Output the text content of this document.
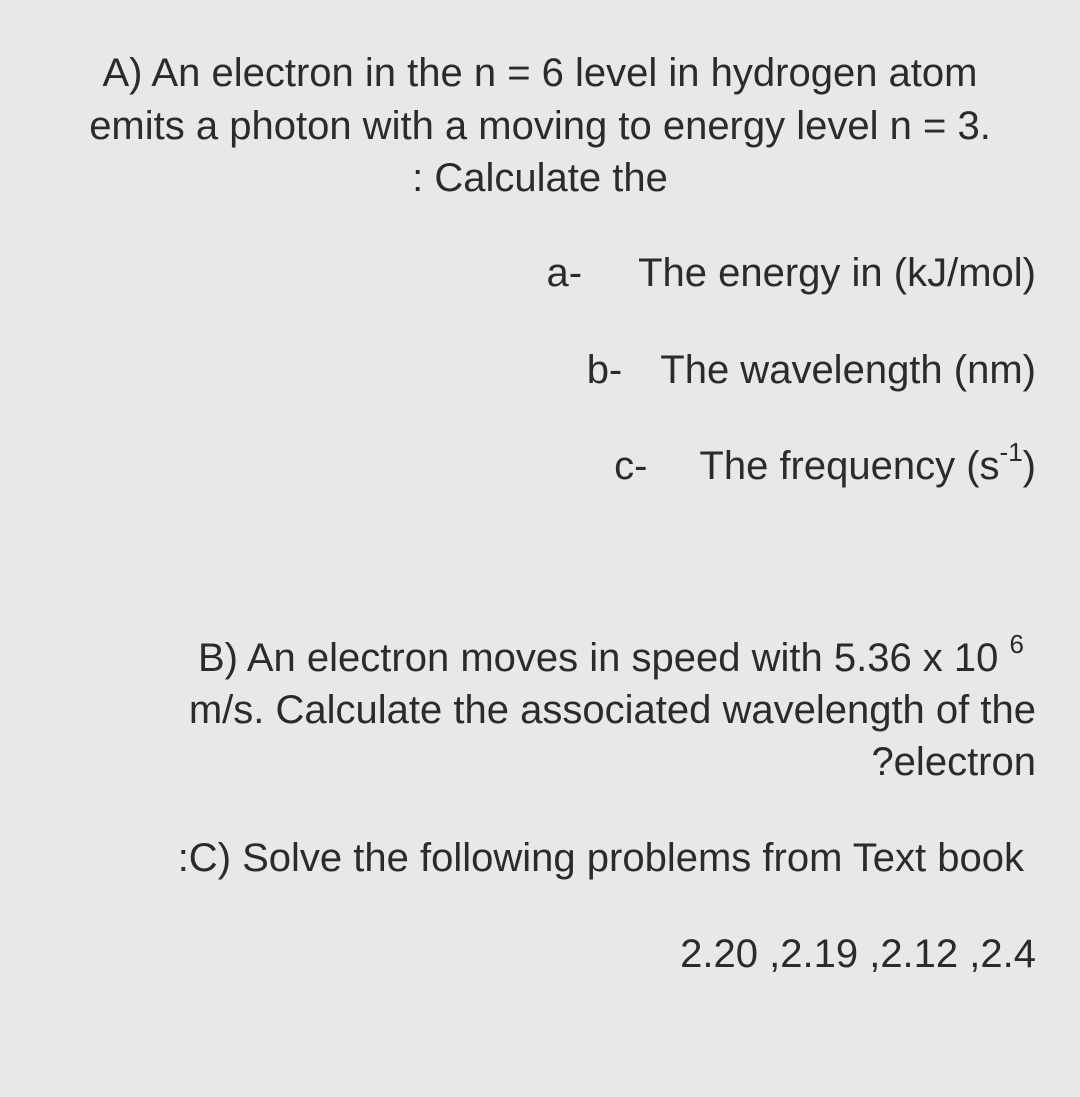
A) An electron in the n = 6 level in hydrogen atom
emits a photon with a moving to energy level n = 3.
: Calculate the
a- The energy in (kJ/mol)
b- The wavelength (nm)
c- The frequency $(s^{-1})$
B) An electron moves in speed with 5.36 x 10 $^6$
m/s. Calculate the associated wavelength of the
?electron
:C) Solve the following problems from Text book
2.20 ,2.19 ,2.12 ,2.4
